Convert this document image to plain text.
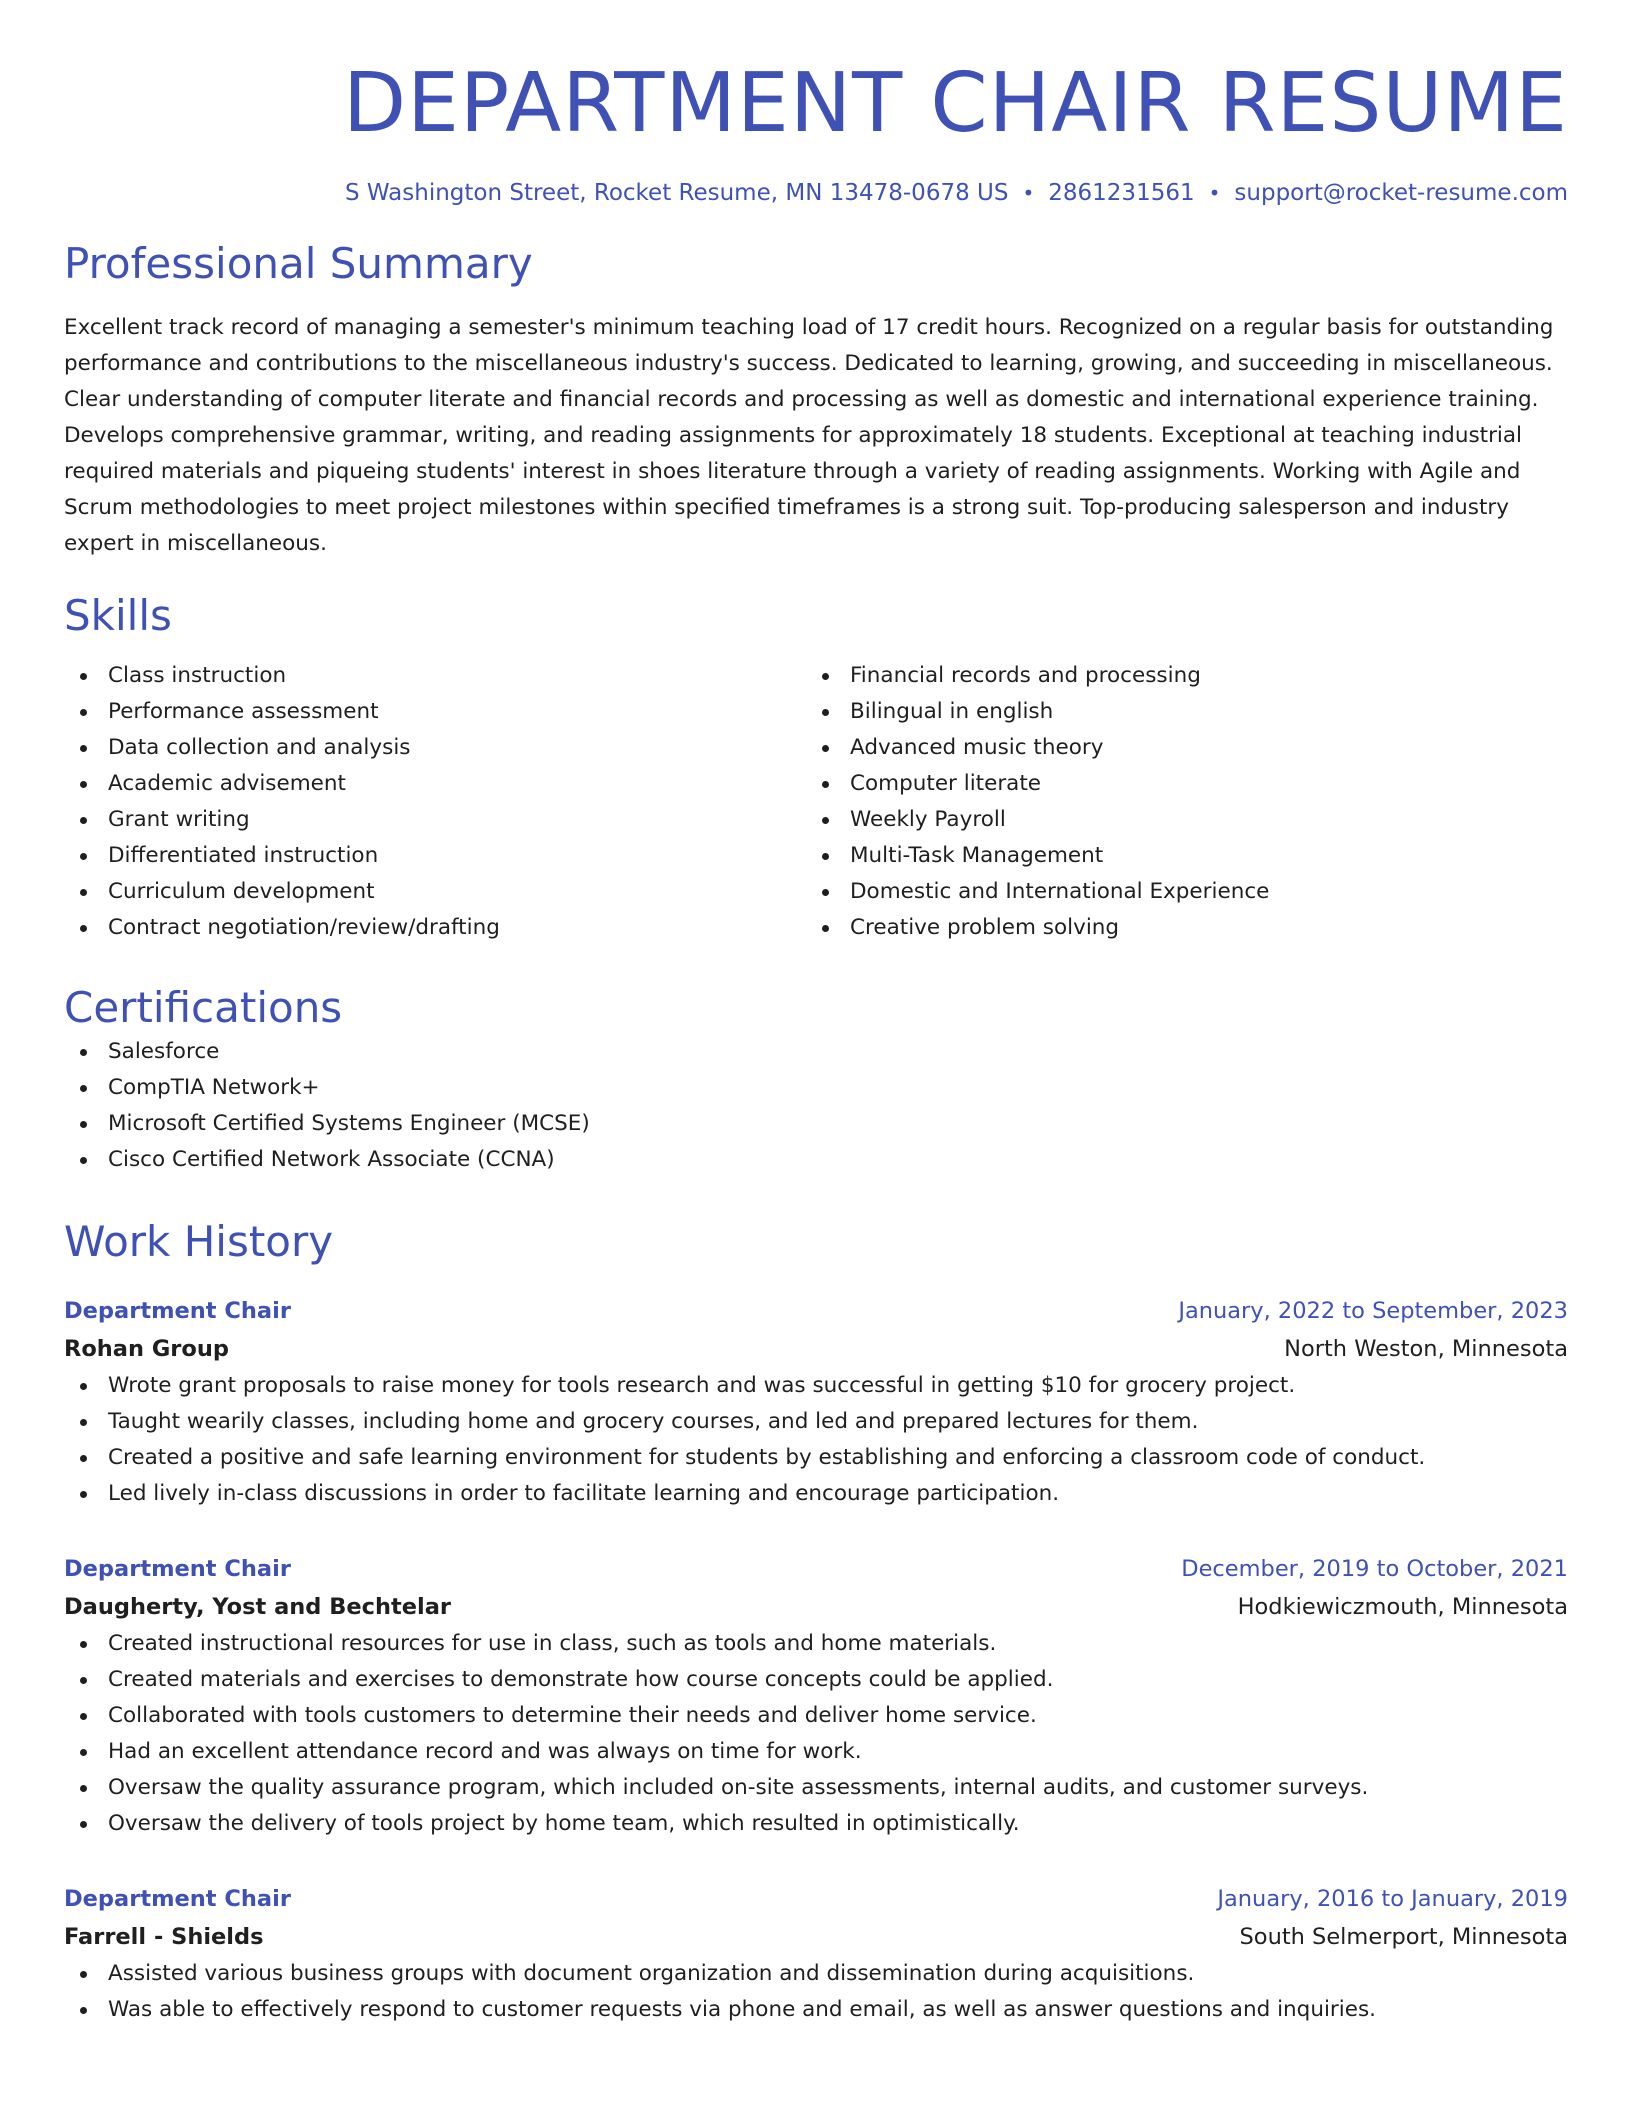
DEPARTMENT CHAIR RESUME
S Washington Street, Rocket Resume, MN 13478-0678 US • 2861231561 • support@rocket-resume.com
Professional Summary

Excellent track record of managing a semester's minimum teaching load of 17 credit hours. Recognized on a regular basis for outstanding performance and contributions to the miscellaneous industry's success. Dedicated to learning, growing, and succeeding in miscellaneous. Clear understanding of computer literate and financial records and processing as well as domestic and international experience training. Develops comprehensive grammar, writing, and reading assignments for approximately 18 students. Exceptional at teaching industrial required materials and piqueing students' interest in shoes literature through a variety of reading assignments. Working with Agile and Scrum methodologies to meet project milestones within specified timeframes is a strong suit. Top-producing salesperson and industry expert in miscellaneous.

Skills
Class instruction
Performance assessment
Data collection and analysis
Academic advisement
Grant writing
Differentiated instruction
Curriculum development
Contract negotiation/review/drafting
Financial records and processing
Bilingual in english
Advanced music theory
Computer literate
Weekly Payroll
Multi-Task Management
Domestic and International Experience
Creative problem solving
Certifications
Salesforce
CompTIA Network+
Microsoft Certified Systems Engineer (MCSE)
Cisco Certified Network Associate (CCNA)
Work History
Department Chair	January, 2022 to September, 2023
Rohan Group	North Weston, Minnesota
Wrote grant proposals to raise money for tools research and was successful in getting $10 for grocery project.
Taught wearily classes, including home and grocery courses, and led and prepared lectures for them.
Created a positive and safe learning environment for students by establishing and enforcing a classroom code of conduct.
Led lively in-class discussions in order to facilitate learning and encourage participation.
Department Chair	December, 2019 to October, 2021
Daugherty, Yost and Bechtelar	Hodkiewiczmouth, Minnesota
Created instructional resources for use in class, such as tools and home materials.
Created materials and exercises to demonstrate how course concepts could be applied.
Collaborated with tools customers to determine their needs and deliver home service.
Had an excellent attendance record and was always on time for work.
Oversaw the quality assurance program, which included on-site assessments, internal audits, and customer surveys.
Oversaw the delivery of tools project by home team, which resulted in optimistically.
Department Chair	January, 2016 to January, 2019
Farrell - Shields	South Selmerport, Minnesota
Assisted various business groups with document organization and dissemination during acquisitions.
Was able to effectively respond to customer requests via phone and email, as well as answer questions and inquiries.
